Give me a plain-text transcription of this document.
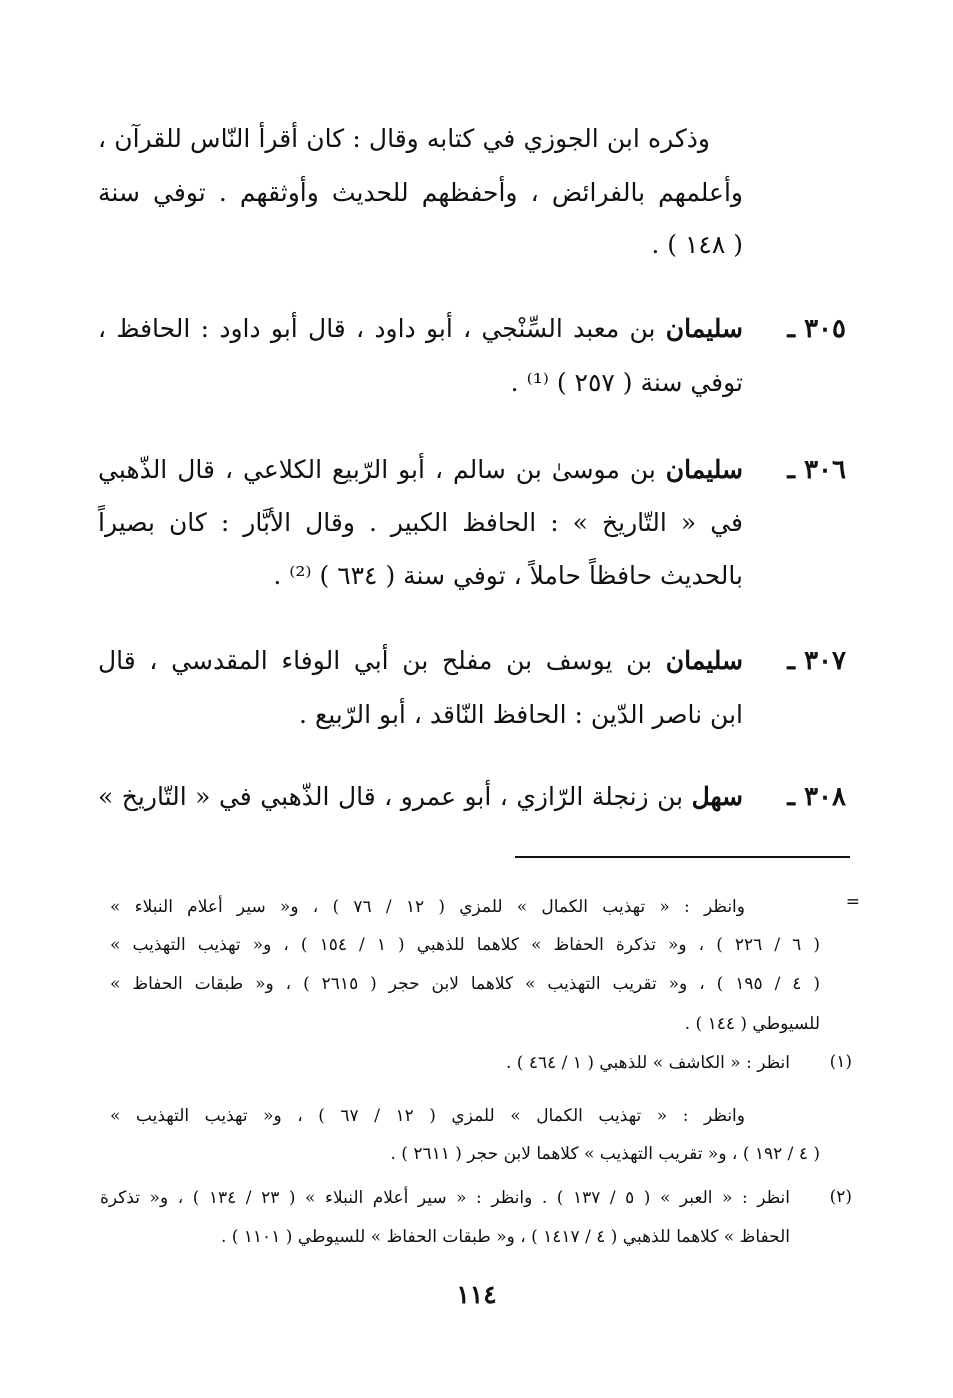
وذكره ابن الجوزي في كتابه وقال : كان أقرأ النّاس للقرآن ،
وأعلمهم بالفرائض ، وأحفظهم للحديث وأوثقهم . توفي سنة
. ( ١٤٨ )
٣٠٥ ـ
سليمان بن معبد السِّنْجي ، أبو داود ، قال أبو داود : الحافظ ،
توفي سنة ( ٢٥٧ ) ⁽¹⁾ .
٣٠٦ ـ
سليمان بن موسىٰ بن سالم ، أبو الرّبيع الكلاعي ، قال الذّهبي
في « التّاريخ » : الحافظ الكبير . وقال الأبَّار : كان بصيراً
بالحديث حافظاً حاملاً ، توفي سنة ( ٦٣٤ ) ⁽²⁾ .
٣٠٧ ـ
سليمان بن يوسف بن مفلح بن أبي الوفاء المقدسي ، قال
ابن ناصر الدّين : الحافظ النّاقد ، أبو الرّبيع .
٣٠٨ ـ
سهل بن زنجلة الرّازي ، أبو عمرو ، قال الذّهبي في « التّاريخ »
=
وانظر : « تهذيب الكمال » للمزي ( ١٢ / ٧٦ ) ، و« سير أعلام النبلاء »
( ٦ / ٢٢٦ ) ، و« تذكرة الحفاظ » كلاهما للذهبي ( ١ / ١٥٤ ) ، و« تهذيب التهذيب »
( ٤ / ١٩٥ ) ، و« تقريب التهذيب » كلاهما لابن حجر ( ٢٦١٥ ) ، و« طبقات الحفاظ »
للسيوطي ( ١٤٤ ) .
(١)
انظر : « الكاشف » للذهبي ( ١ / ٤٦٤ ) .
وانظر : « تهذيب الكمال » للمزي ( ١٢ / ٦٧ ) ، و« تهذيب التهذيب »
( ٤ / ١٩٢ ) ، و« تقريب التهذيب » كلاهما لابن حجر ( ٢٦١١ ) .
(٢)
انظر : « العبر » ( ٥ / ١٣٧ ) . وانظر : « سير أعلام النبلاء » ( ٢٣ / ١٣٤ ) ، و« تذكرة
الحفاظ » كلاهما للذهبي ( ٤ / ١٤١٧ ) ، و« طبقات الحفاظ » للسيوطي ( ١١٠١ ) .
١١٤
